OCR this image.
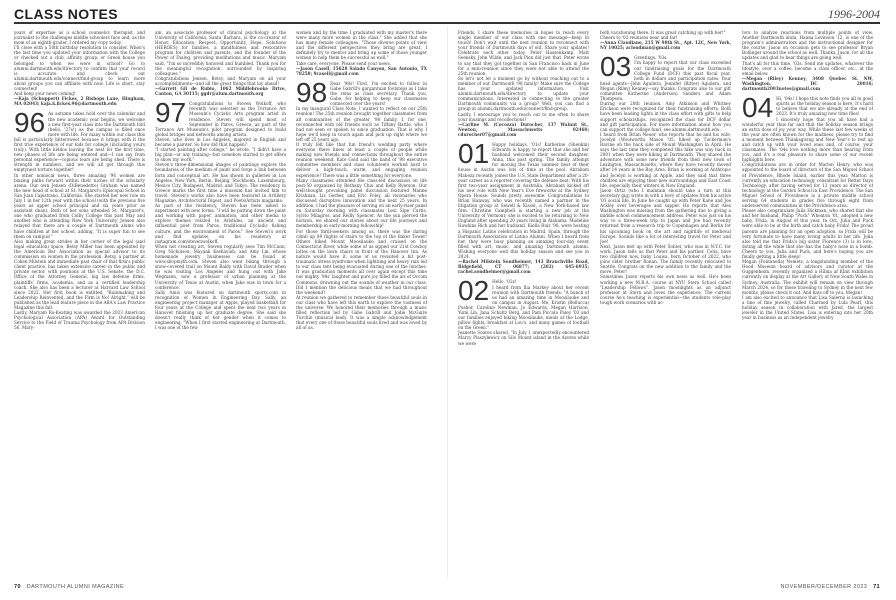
CLASS NOTES	1996-2004

years of expertise as a school counselor, therapist, and journalist to the challenges middle schoolers face and, as the mom of an eighth-grader, I ordered my copy today.

I'll close with a 50th birthday resolution to consider. When's the last time you updated your information with the College or checked out a club, affinity group, or Greek house you belonged to when we were in school? Go to alumni.dartmouth.edu/directory to confirm that your record is accurate and check out alumni.dartmouth.edu/connect/find-group to learn more about groups you can affiliate with now. Life is short, stay connected!

And keep your news coming!

—Kaja (Schuppert) Fickes, 2 Bishops Lane, Hingham, MA 02043; kaja.k.fickes.96@dartmouth.edu

96 As autumn takes hold over the calendar and the new academic year begins, we welcome a new first-year class into the Dartmouth fold (hello, '27s!) as the campus is filled once more with life. For many within our class this fall is particularly bittersweet because it brings with it the first true experience of our kids for college (including yours truly). With little kiddos leaving the nest for the first time, new phases of life are being entered and—I can say from personal experience—copious tears are being shed. There is strength in numbers, and we will all get through this emptynest torture together!

In other nonlocal news, three amazing '96 women are blazing paths forward within their niches of the scholarly arena. Our own Jensen (DiBenedetto) Graham was named the new head of school at St. Margaret's Episcopal School in San Juan Capistrano, California. She started her new role on July 1 in her 12th year with the school (with the previous five years as upper school principal and six years prior as assistant dean). Both of her sons attended St. Margaret's, one who graduated from Colby College this past May and another who is attending New York University. Jensen also relayed that there are a couple of Dartmouth alums who have children at her school, adding, "It is super fun to see them on campus!"

Also making great strides in her corner of the legal (and legal education) space, Betsy Miller has been appointed by the American Bar Association as special advisor to its commission on women in the profession. Betsy, a partner at Cohen Milstein and immediate past chair of that firm's public client practice, has taken extensive career in the public and private sector, with positions at the U.S. Senate, the D.C. Office of the Attorney General, big law defense firms, plaintiffs' firms, academia, and as a certified leadership coach. She also has been a lecturer at Harvard Law School since 2022. Her first book is entitled, "Rainmaking and Leadership Reinvented, and the Firm is No! Alright," will be published as the lead feature piece in the ABA's Law Practice Magazine this fall.

Lastly, Maryam Ro-Keating was awarded the 2023 American Psychological Association (APA) Award for Outstanding Service to the Field of Trauma Psychology from APA Division 56. Mary-

am, an associate professor of clinical psychology at the University of California, Santa Barbara, is the co-creator of Honor, Education, Respect, Opportunity, Hope, Solutions (HEROES) for families, a mindfulness and restorative program for children and parents, and the founder of the Power of Dialog, providing meditations and music. Maryam said, "I'm so incredibly honored and humbled. Thank you for the meaningful recognition, surrounded by inspiring colleagues."

Congratulations Jensen, Betsy, and Maryam on all your accomplishments—and all the great things that lay ahead!

—Garrett Gil de Rubio, 1062 Middlebrooke Drive, Canton, GA 30115; ggdr@alum.dartmouth.org

97 Congratulations to Steven Wolkoff, who recently was selected as the Torrance Art Museum's Cyclatic Arts program artist in residence. Steven will spend most of September in Paros, Greece, as part of the Torrance Art Museum's pilot program designed to build global bridges and networks among artists.

Steven, who lives in Los Angeles, majored in English and became a painter. So how did that happen?

"I started painting after college," he wrote. "I didn't have a big plan—or any training—but somehow started to get offers to show my work."

Steven's three-dimensional images of paintings explore the boundaries of the medium of paint and forge a link between form and conceptual art. He has shown in galleries in Los Angeles, New York, Berlin, Beijing, Stockholm, Luxembourg, Mexico City, Budapest, Madrid, and Tokyo. The residency in Greece marks the first time a museum has invited him to travel. Steven's works also have been featured in Artillery Magazine, Architectural Digest, and Poets/Artists magazine.

As part of the residency, Steven has been asked to experiment with new forms. "I will be putting down the paint and working with paper, animation, and other media to explore themes related to Aristides, an ancient and influential poet from Paros, traditional Cycladic fishing culture, and the environment of Paros." See Steven's work and find updates on his residency at instagram.com/stevenwolkoff.

When not creating art, Steven regularly sees Tim McCann, Greg Nicholson, Mayank Keshaviah, and Amy Lin, whose homemade jewelry businesses can be found at www.shopmylh.com. Steven also went biking through a snow-covered trail on Mount Baldy with David Brader when he was visiting Los Angeles and hung out with Jake Wegmann, now a professor of urban planning at the University of Texas at Austin, when Jake was in town for a conference.

Sally Amis was featured on dartmouth sports.com in recognition of Women in Engineering Day. Sally, an engineering project manager at Apple, played basketball for four years at the College and spent the next two years in Hanover finishing up her graduate degree. She said she doesn't really think of her gender when it comes to engineering. "When I first started engineering at Dartmouth, I was one of the few

women and by the time I graduated with my master's there were many more women in the class." She added that she has many female colleagues. "Those diverse points of view and the different perspectives they bring are great. I definitely try to mentor and bring up some of those younger women to help them be successful as well."

Take care, everyone. Please send your news.

—Jason Casell, 15628 Salado Canyon, San Antonio, TX 78258; 9casell@gmail.com

98 Dear '98s! First, I'm excited to follow in Gabe Gabrill's gargantuan footsteps as I take the reins as class secretary. Thank you, Gabe, for helping to keep our classmates connected over the years!

In my inaugural Class Note, I wanted to reflect on our 25th reunion! The 25th reunion brought together classmates from all communities of the greater '98 family. I, for one, reconnected with old friends such as Tiffany Battle, who I had not seen or spoken to since graduation. That is why I hope we'll keep in touch again and pick up right where we left off 25 years ago.

It truly felt like that fun friend's wedding party where everyone there knew at least a couple of people while making new friends and connections throughout the entire reunion weekend. Kate Gold said the band of '98 executive committee members and class volunteers worked hard to deliver a high-touch, warm, and engaging reunion experience! There was a little something for everyone.

Many classmates attended the class-led discussion on life post-50 organized by Bethany Chiu and Kelly Ryerson. Our well-thought provoking panel discussion featured Manne Krishnan, Liz Gerber, and Eric Foley, all visionaries who discussed disruptive innovation and the next 25 years. In addition, I had the pleasure of serving on an early-riser panel on Saturday morning with classmates Lexi Sipe Curtis, Sylvio Milagros, and Reilly Spencer. As the sun pierced the horizon, we shared our stories about our life journeys and membership in early-morning fellowship!

For those thrill-seekers among us, there was the daring climb up 89 flights of stairs to the top of the Baker Tower! Others hiked Mount Moosilauke and cruised on the Connecticut River, while some of us sipped our 21st Cowboy lattes on the lawn chairs in front of the Hanover Inn. As nature would have it, some of us revisited a hit post-traumatic stress syndrome when lightning and heavy rain led to our class tent being evacuated during one of the lunches. It was graduation moments all over again except this time our mighty '98s' laughter and pure joy filled the air of Occom Commons, drowning out the sounds of weather in our class. Did I mention the delicious meals that we had throughout the weekend?

At reunion we gathered to remember those beautiful souls in our class who have left this earth to explore the vastness of the universe. We honored their memories through a music filled reflection led by Gabe Gabrill and Jodie McGuire Turchin (musical lead). It was a simple acknowledgement that every one of those beautiful souls lived and was loved by all of us.

Friends, I share these memories in hopes to reach every single member of our class with one message—keep in touch! Don't wait until the next reunion to reconnect with your friends of Dartmouth days of old. Share your updates! Celebrate each other today. Peter Hassenkamp, Matt Seensky, John Wilde, and Jack Pien did just that. Peter wrote to say that they got together in San Francisco back in June for a mini-reunion since they were not able to attend the 25th reunion.

So let's not let a moment go by without reaching out to a member of our Dartmouth '98 family! Make sure the College has your updated information. Visit alumni.dartmouth.edu/directory to update your communications. Interested in connecting to the greater Dartmouth community via a group? Well, you can find a group at alumni.dartmouth.edu/connect/find-group.

Lastly, I encourage you to reach out to me often to share your musings and recollections!

—Carline M. (Cocozza) Durocher, 137 Walnut St., Newton, Massachusetts 02460; cdurocher07@gmail.com

01 Happy holidays, '01s! Katherine (Shenkin) Edwards is happy to report that she and her husband welcomed their second daughter, Anna, this past spring. The family attempt for moving the Texas summer heat of their house in Austin was lots of time at the pool. Abraham Mabeza recently joined the U.S. State Department after a 20-year career as a reporter covering the defense beat. With his first two-year assignment in Australia, Abraham kicked off his new role with New Year's Eve fireworks at the Sydney Opera House. Sounds pretty awesome. Congratulations to Brian Hanway, who was recently named a partner in the litigation group at Sewell & Kissel, a New York-based law firm. Christine Campbell is starting a new job at the University of Vermont; she is excited to be returning to New England after spending 20 years living in Alabama. Madeline Hawkins Rich and her husband, Kiella Ruiz '98, were hosting a Hispanic Latino celebration in Madrid, Spain, through the Dartmouth Association of Latino Alumni. When I heard from her, they were busy planning an amazing four-day event filled with art, music, and amazing Dartmouth alumni. Wishing everyone well this holiday season and see you in 2024.

—Rachel Milstein Sondheimer, 143 Branchville Road, Ridgefield, CT 06877; (202) 645-6935; rachel.sondheimer@gmail.com

02 Hello, '02s!

I heard from Ilia Markey about her recent reunion with Dartmouth friends: "A bunch of us had an amazing time in Moosilauke and on campus in August. Me, Kristin (Bellucca) Pushor, Caroline Newman, Jo Edwards, Megan Harrison, Yumi Lin, Jana Schultz Berg, and Pam Piccola Paley '03 and our families enjoyed hiking Moosilauke, meals at the Lodge, pillow fights, breakfast at Lou's, and many games of football on the Green."

Jeanette Soares shared, "In July 1 unexpectedly encountered Marcy Plaszylewicz on Silo Mount island in the Azores while we were

both vacationing there. It was great catching up with her!"

Cheers to '02 reunions near and far!

—Anna Claudiano, 215 W 98th St., Apt. 12C, New York, NY 10025; acloudman@gmail.com

03 Greetings, '03s.

I'm happy to report that our class exceeded our fundraising goals for the Dartmouth College Fund (DCF) this past fiscal year, both in dollars and participation rates. Your head agents—John Aguilera, Jennifer (Ritter) Aguilera, and Megan (Riley) Kenney—say thanks. Congrats also to our gift committee Katherine (Anderson) Sanders and Adam Thompson.

During our 20th reunion, Amy Atkinson and Whitney Erickson were recognized for their fundraising efforts. Both have been leading lights in the class effort with gifts to help support scholarships, recognized the class for DCF dollar and gift participation. For more information about how you can support the college fund, see alumni.dartmouth.edu.

I heard from Brian Neuer, who reports that he and his wife, Jocelyn (Woolworth) Mason '05, hiked up Tuckerman's Ravine on the back side of Mount Washington in April. He says the last time they completed this hike was way back in 2001 when they were hiking at Dartmouth. They shared the adventure with some new friends from their new town of Lexington, Massachusetts, where they have recently moved after 14 years in the Bay Area. Brian is working at Anthropic and Jocelyn is working at Apple, and they said that three children are enjoying their new surroundings and East Coast life, especially their winters in New England.

Jason Ortiz (who I maintain should take a turn at this secretary gig) wrote in with a bevy of updates from his active '03 social life. In June he caught up with Peter Kane and Joe Ackley over beverages and supper. He reports that Alex Washington was missing from the gathering due to giving a middle school commencement address. Peter was just on his way to a three-week trip to Japan and Joe had recently returned from a research trip to Copenhagen and Berlin for his upcoming book on the art and nightlife of medieval Europe. Sounds like a lot of interesting travel for Peter and Joe!

Next, Jason met up with Peter Sohler, who was in N.Y.C. for work. Jason tells us that Peter and his partner, Celia, have two children now, baby Louisa, born October of 2022, who joins older brother Ronan. The family recently relocated to Seattle. Congrats on the new addition to the family and the move, Peter!

Sometimes Jason reports his own news as well. He's been working a new M.B.A. course at NYU Stern School called "Leadership Fellows". Jason moonlights as an adjunct professor at Stern and loves the experience. The current course he's teaching is experiential—the students role-play tough work scenarios with ac-

tors to analyze reactions from multiple points of view. Another Dartmouth alum, Hanna Levinson '12, is one of the program's administrators and the instructional designer for the course. Jason on occasion gets to see professor Bryan Bollinger around the school as well. Thanks, Jason, for all the updates and glad to hear things are going well.

That's all for this time, '03s. Send me updates, whatever the lifestyle, over a coffee, become a class officer, etc., at the email below.

—Megan (Riley) Kenney, 3408 Quebec St. NW, Washington, DC 20016; dartmouth2003notes@gmail.com

04 Hi, '04s! I hope this note finds you all in good spirits as the holiday season is here. It's hard to believe that we are already at the end of 2023. It's truly amazing how time flies!

I sincerely hope that you all have had a wonderful year thus far and that the holiday season brings an extra dose of joy your way. While these last few weeks of the year are often known for the madness, please try to find a moment between Thanksgiving and New Year's to rest up and catch up with your loved ones and, of course, your classmates. The '04s love nothing more than hearing from you, and it's a real pleasure to share some of our recent highlights here.

Congratulations are in order for Marlon Henry, who was appointed to the board of directors of the San Miguel School of Providence, Rhode Island, earlier this year. Marlon is currently an education technology consultant for Better Days Technology, after having served for 12 years as director of technology at the Gordon School in East Providence. The San Miguel School of Providence is a private middle school serving 64 students in grades five through eight from underserved communities in the Providence area.

Please also congratulate Julia Hickman, who shared that she and her husband, Philip "Puck" Wheaton '01, adopted a new baby, Frida, in August of this year. In Oct, Julia and Puck were able to be at the birth and catch baby Frida! The proud parents are planning for an open adoption, so Frida will be very fortunate to have many loving adults in her life. Julia also told me that Frida's big sister Florence (3) is in love, doting all the while that she has the baby's nose in a bomb. Cheers to you, Julia and Puck, and here's hoping you are finally getting a little sleep!

Megan (Fontanella) Nemetz, a longstanding member of the Hood Museum board of advisors and curator at the Guggenheim, recently organized a Hilma af Klint exhibition currently on display at the Art Gallery of New South Wales in Sydney, Australia. The exhibit will remain on view through March 2024, so for those traveling to Sydney in the next few months, please check it out. And hats off to you, Megan!

I am also excited to announce that Lisa Salerno is launching a line of fine jewelry, called Charmed by Lula Pearl, this holiday season in collaboration with Jared, the largest jeweler in the United States. Lisa is entering into her 20th year in business as an independent jewelry

70 DARTMOUTH ALUMNI MAGAZINE	NOVEMBER/DECEMBER 2023 71
